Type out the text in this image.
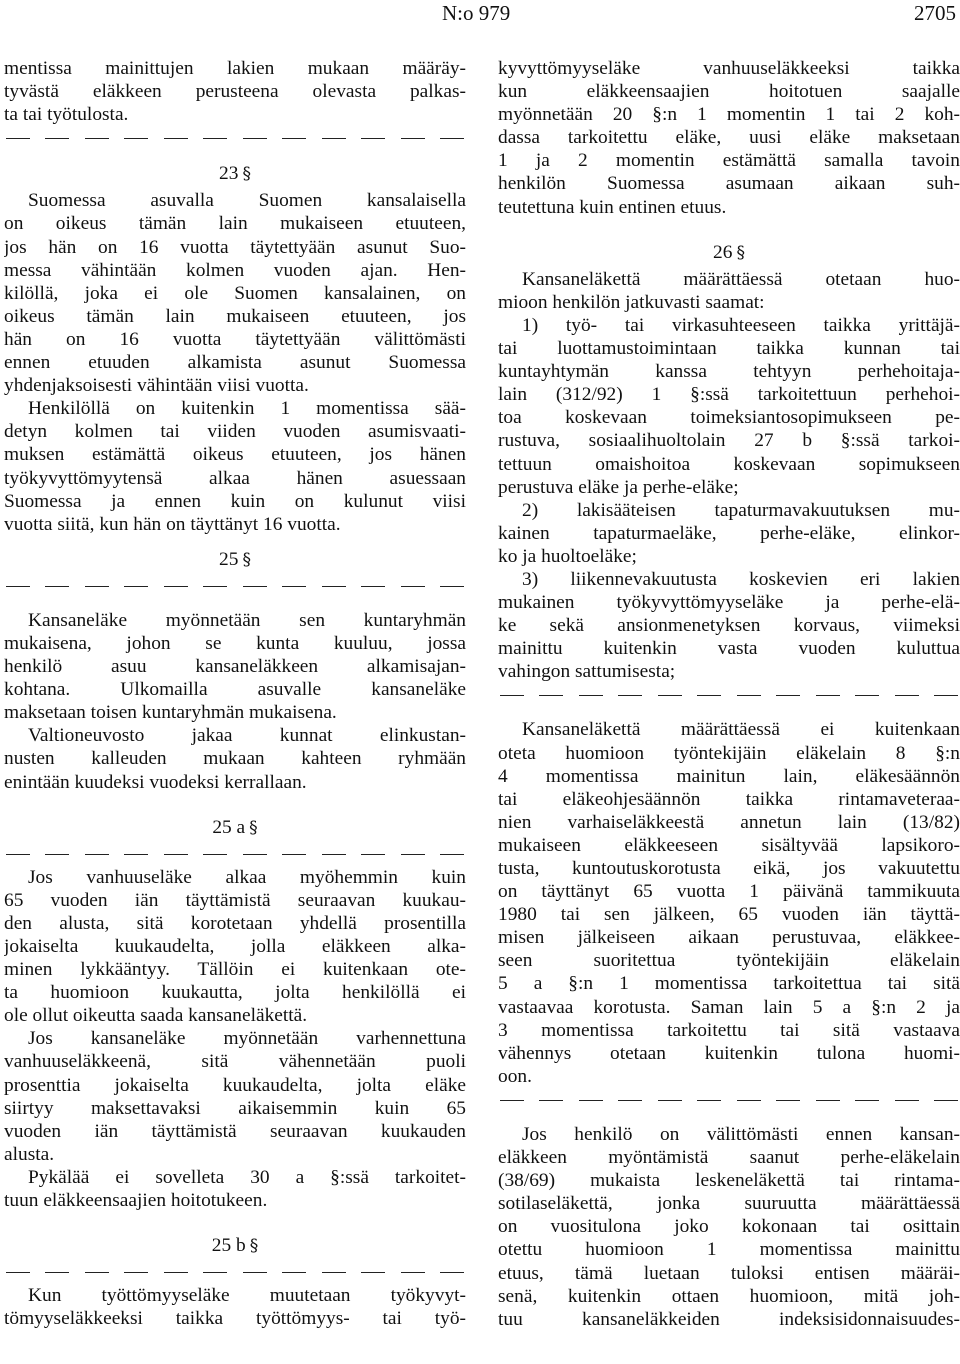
N:o 979	2705
mentissa mainittujen lakien mukaan määräy-
tyvästä eläkkeen perusteena olevasta palkas-
ta tai työtulosta.
23 §
Suomessa asuvalla Suomen kansalaisella
on oikeus tämän lain mukaiseen etuuteen,
jos hän on 16 vuotta täytettyään asunut Suo-
messa vähintään kolmen vuoden ajan. Hen-
kilöllä, joka ei ole Suomen kansalainen, on
oikeus tämän lain mukaiseen etuuteen, jos
hän on 16 vuotta täytettyään välittömästi
ennen etuuden alkamista asunut Suomessa
yhdenjaksoisesti vähintään viisi vuotta.
Henkilöllä on kuitenkin 1 momentissa sää-
detyn kolmen tai viiden vuoden asumisvaati-
muksen estämättä oikeus etuuteen, jos hänen
työkyvyttömyytensä alkaa hänen asuessaan
Suomessa ja ennen kuin on kulunut viisi
vuotta siitä, kun hän on täyttänyt 16 vuotta.
25 §
Kansaneläke myönnetään sen kuntaryhmän
mukaisena, johon se kunta kuuluu, jossa
henkilö asuu kansaneläkkeen alkamisajan-
kohtana. Ulkomailla asuvalle kansaneläke
maksetaan toisen kuntaryhmän mukaisena.
Valtioneuvosto jakaa kunnat elinkustan-
nusten kalleuden mukaan kahteen ryhmään
enintään kuudeksi vuodeksi kerrallaan.
25 a §
Jos vanhuuseläke alkaa myöhemmin kuin
65 vuoden iän täyttämistä seuraavan kuukau-
den alusta, sitä korotetaan yhdellä prosentilla
jokaiselta kuukaudelta, jolla eläkkeen alka-
minen lykkääntyy. Tällöin ei kuitenkaan ote-
ta huomioon kuukautta, jolta henkilöllä ei
ole ollut oikeutta saada kansaneläkettä.
Jos kansaneläke myönnetään varhennettuna
vanhuuseläkkeenä, sitä vähennetään puoli
prosenttia jokaiselta kuukaudelta, jolta eläke
siirtyy maksettavaksi aikaisemmin kuin 65
vuoden iän täyttämistä seuraavan kuukauden
alusta.
Pykälää ei sovelleta 30 a §:ssä tarkoitet-
tuun eläkkeensaajien hoitotukeen.
25 b §
Kun työttömyyseläke muutetaan työkyvyt-
tömyyseläkkeeksi taikka työttömyys- tai työ-
kyvyttömyyseläke vanhuuseläkkeeksi taikka
kun eläkkeensaajien hoitotuen saajalle
myönnetään 20 §:n 1 momentin 1 tai 2 koh-
dassa tarkoitettu eläke, uusi eläke maksetaan
1 ja 2 momentin estämättä samalla tavoin
henkilön Suomessa asumaan aikaan suh-
teutettuna kuin entinen etuus.
26 §
Kansaneläkettä määrättäessä otetaan huo-
mioon henkilön jatkuvasti saamat:
1) työ- tai virkasuhteeseen taikka yrittäjä-
tai luottamustoimintaan taikka kunnan tai
kuntayhtymän kanssa tehtyyn perhehoitaja-
lain (312/92) 1 §:ssä tarkoitettuun perhehoi-
toa koskevaan toimeksiantosopimukseen pe-
rustuva, sosiaalihuoltolain 27 b §:ssä tarkoi-
tettuun omaishoitoa koskevaan sopimukseen
perustuva eläke ja perhe-eläke;
2) lakisääteisen tapaturmavakuutuksen mu-
kainen tapaturmaeläke, perhe-eläke, elinkor-
ko ja huoltoeläke;
3) liikennevakuutusta koskevien eri lakien
mukainen työkyvyttömyyseläke ja perhe-elä-
ke sekä ansionmenetyksen korvaus, viimeksi
mainittu kuitenkin vasta vuoden kuluttua
vahingon sattumisesta;
Kansaneläkettä määrättäessä ei kuitenkaan
oteta huomioon työntekijäin eläkelain 8 §:n
4 momentissa mainitun lain, eläkesäännön
tai eläkeohjesäännön taikka rintamaveteraa-
nien varhaiseläkkeestä annetun lain (13/82)
mukaiseen eläkkeeseen sisältyvää lapsikoro-
tusta, kuntoutuskorotusta eikä, jos vakuutettu
on täyttänyt 65 vuotta 1 päivänä tammikuuta
1980 tai sen jälkeen, 65 vuoden iän täyttä-
misen jälkeiseen aikaan perustuvaa, eläkkee-
seen suoritettua työntekijäin eläkelain
5 a §:n 1 momentissa tarkoitettua tai sitä
vastaavaa korotusta. Saman lain 5 a §:n 2 ja
3 momentissa tarkoitettu tai sitä vastaava
vähennys otetaan kuitenkin tulona huomi-
oon.
Jos henkilö on välittömästi ennen kansan-
eläkkeen myöntämistä saanut perhe-eläkelain
(38/69) mukaista leskeneläkettä tai rintama-
sotilaseläkettä, jonka suuruutta määrättäessä
on vuositulona joko kokonaan tai osittain
otettu huomioon 1 momentissa mainittu
etuus, tämä luetaan tuloksi entisen määräi-
senä, kuitenkin ottaen huomioon, mitä joh-
tuu kansaneläkkeiden indeksisidonnaisuudes-
